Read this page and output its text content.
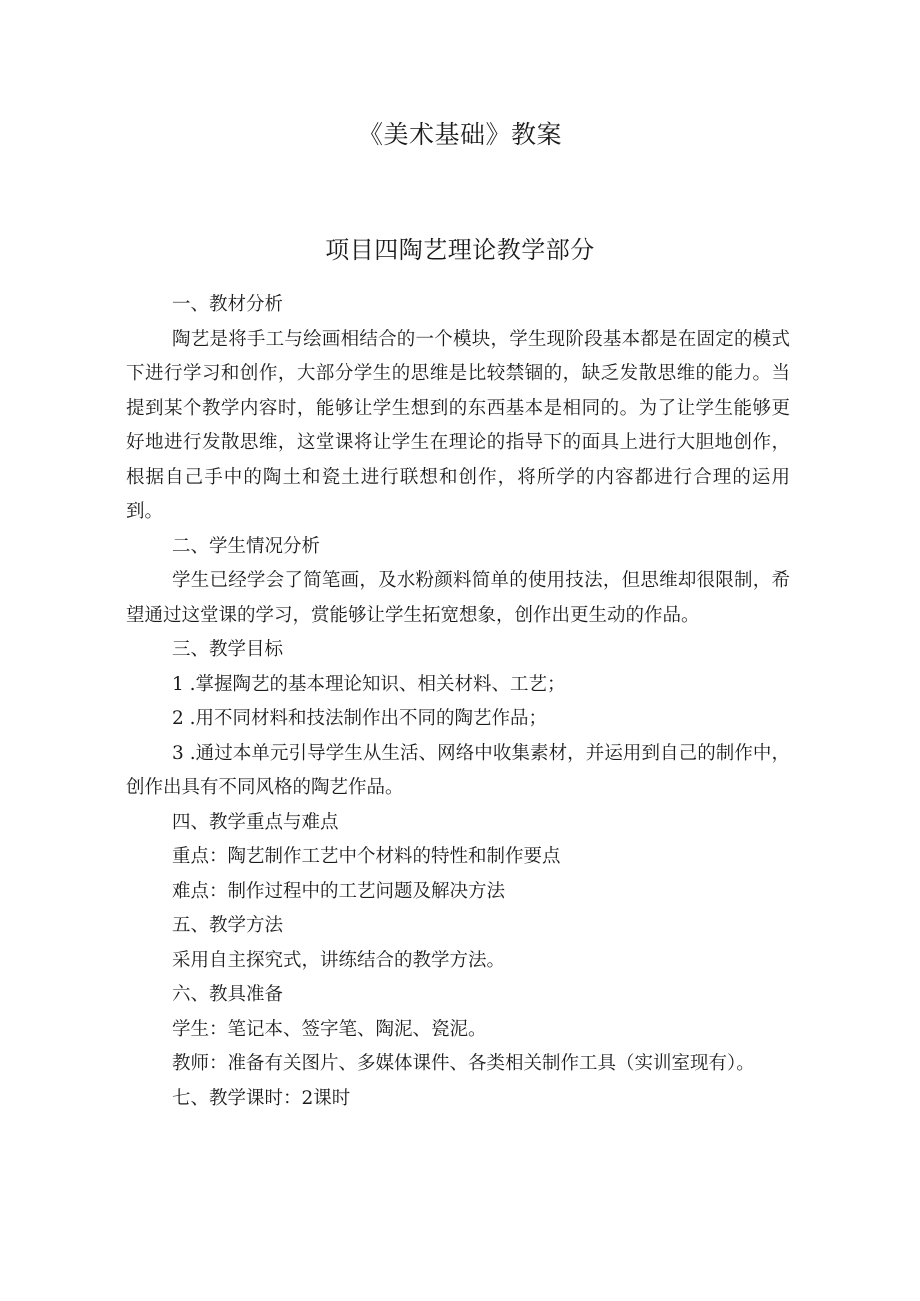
《美术基础》教案
项目四陶艺理论教学部分

一、教材分析

陶艺是将手工与绘画相结合的一个模块，学生现阶段基本都是在固定的模式下进行学习和创作，大部分学生的思维是比较禁锢的，缺乏发散思维的能力。当提到某个教学内容时，能够让学生想到的东西基本是相同的。为了让学生能够更好地进行发散思维，这堂课将让学生在理论的指导下的面具上进行大胆地创作，根据自己手中的陶土和瓷土进行联想和创作，将所学的内容都进行合理的运用到。

二、学生情况分析

学生已经学会了简笔画，及水粉颜料简单的使用技法，但思维却很限制，希望通过这堂课的学习，赏能够让学生拓宽想象，创作出更生动的作品。

三、教学目标

1 .掌握陶艺的基本理论知识、相关材料、工艺；

2 .用不同材料和技法制作出不同的陶艺作品；

3 .通过本单元引导学生从生活、网络中收集素材，并运用到自己的制作中，创作出具有不同风格的陶艺作品。

四、教学重点与难点

重点：陶艺制作工艺中个材料的特性和制作要点

难点：制作过程中的工艺问题及解决方法

五、教学方法

采用自主探究式，讲练结合的教学方法。

六、教具准备

学生：笔记本、签字笔、陶泥、瓷泥。

教师：准备有关图片、多媒体课件、各类相关制作工具（实训室现有）。

七、教学课时：2课时
